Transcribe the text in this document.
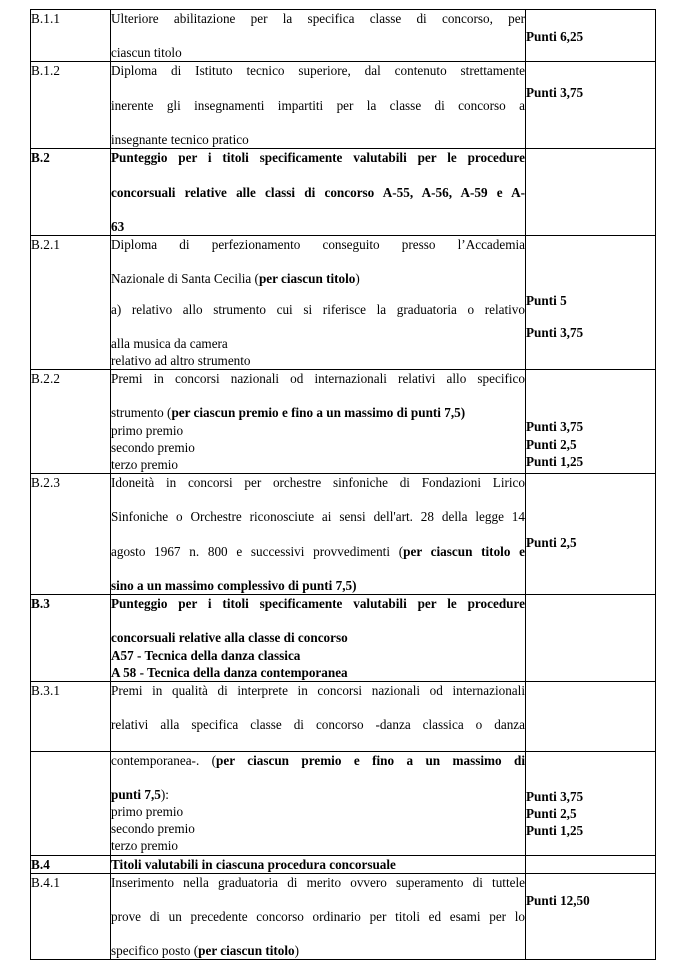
B.1.1	Ulteriore abilitazione per la specifica classe di concorso, per
ciascun titolo	Punti 6,25

B.1.2	Diploma di Istituto tecnico superiore, dal contenuto strettamente
inerente gli insegnamenti impartiti per la classe di concorso a
insegnante tecnico pratico	Punti 3,75

B.2	Punteggio per i titoli specificamente valutabili per le procedure
concorsuali relative alle classi di concorso A-55, A-56, A-59 e A-
63	

B.2.1	Diploma di perfezionamento conseguito presso l’Accademia
Nazionale di Santa Cecilia (per ciascun titolo)
a) relativo allo strumento cui si riferisce la graduatoria o relativo
alla musica da camera
relativo ad altro strumento	Punti 5
Punti 3,75

B.2.2	Premi in concorsi nazionali od internazionali relativi allo specifico
strumento (per ciascun premio e fino a un massimo di punti 7,5)
primo premio
secondo premio
terzo premio	Punti 3,75
Punti 2,5
Punti 1,25

B.2.3	Idoneità in concorsi per orchestre sinfoniche di Fondazioni Lirico
Sinfoniche o Orchestre riconosciute ai sensi dell'art. 28 della legge 14
agosto 1967 n. 800 e successivi provvedimenti (per ciascun titolo e
sino a un massimo complessivo di punti 7,5)	Punti 2,5

B.3	Punteggio per i titoli specificamente valutabili per le procedure
concorsuali relative alla classe di concorso
A57 - Tecnica della danza classica
A 58 - Tecnica della danza contemporanea	

B.3.1	Premi in qualità di interprete in concorsi nazionali od internazionali
relativi alla specifica classe di concorso -danza classica o danza	

	contemporanea-. (per ciascun premio e fino a un massimo di
punti 7,5):
primo premio
secondo premio
terzo premio	Punti 3,75
Punti 2,5
Punti 1,25

B.4	Titoli valutabili in ciascuna procedura concorsuale	

B.4.1	Inserimento nella graduatoria di merito ovvero superamento di tuttele
prove di un precedente concorso ordinario per titoli ed esami per lo
specifico posto (per ciascun titolo)	Punti 12,50
